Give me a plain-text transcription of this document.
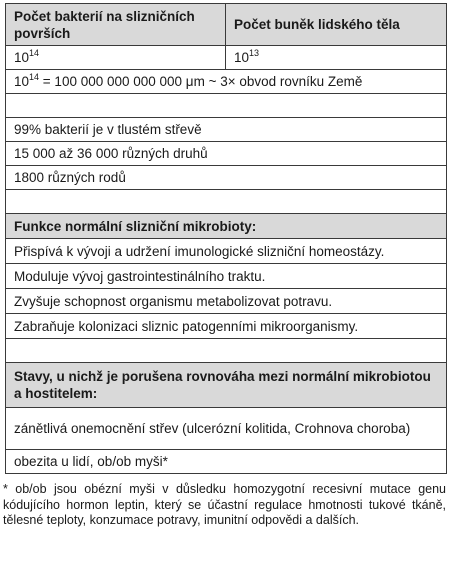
Počet bakterií na slizničních površích	Počet buněk lidského těla
$10^{14}$	$10^{13}$
$10^{14} = 100$ 000 000 000 000 μm ~ 3× obvod rovníku Země	

99% bakterií je v tlustém střevě	
15 000 až 36 000 různých druhů	
1800 různých rodů	

Funkce normální slizniční mikrobioty:	
Přispívá k vývoji a udržení imunologické slizniční homeostázy.	
Moduluje vývoj gastrointestinálního traktu.	
Zvyšuje schopnost organismu metabolizovat potravu.	
Zabraňuje kolonizaci sliznic patogenními mikroorganismy.	

Stavy, u nichž je porušena rovnováha mezi normální mikrobiotou a hostitelem:	
zánětlivá onemocnění střev (ulcerózní kolitida, Crohnova choroba)	
obezita u lidí, ob/ob myši*	
* ob/ob jsou obézní myši v důsledku homozygotní recesivní mutace genu kódujícího hormon leptin, který se účastní regulace hmotnosti tukové tkáně, tělesné teploty, konzumace potravy, imunitní odpovědi a dalších.
